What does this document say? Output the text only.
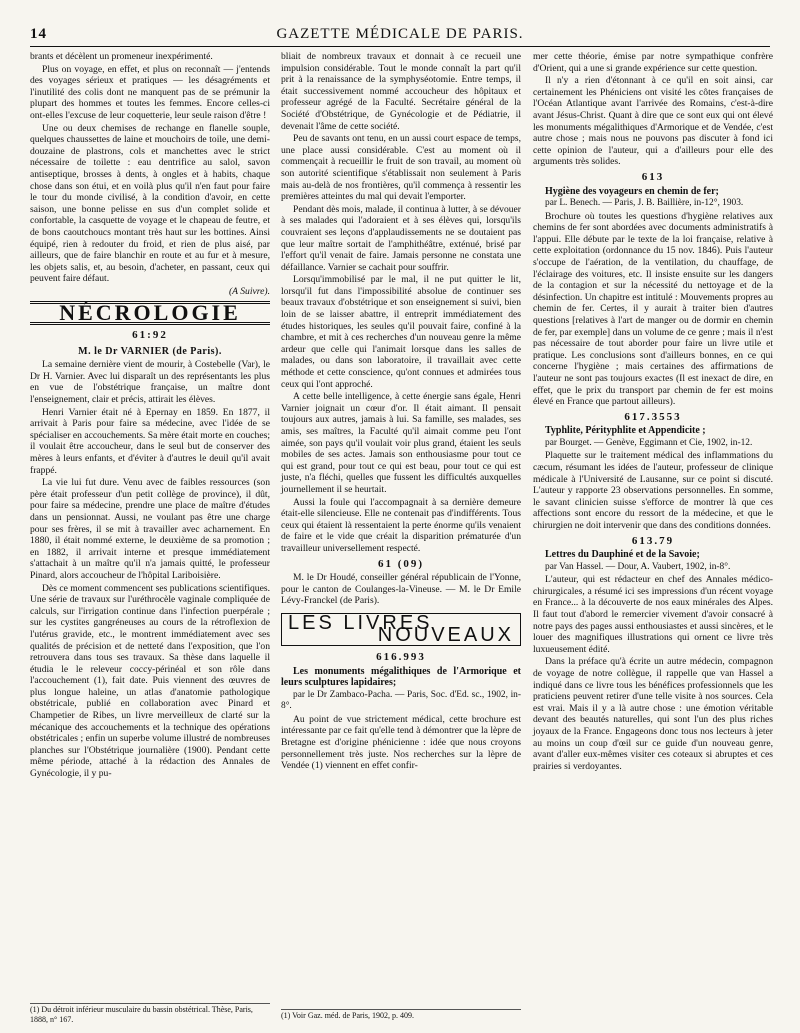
14	GAZETTE MÉDICALE DE PARIS.

brants et décèlent un promeneur inexpérimenté.

Plus on voyage, en effet, et plus on reconnaît — j'entends des voyages sérieux et pratiques — les désagréments et l'inutilité des colis dont ne manquent pas de se prémunir la plupart des hommes et toutes les femmes. Encore celles-ci ont-elles l'excuse de leur coquetterie, leur seule raison d'être !

Une ou deux chemises de rechange en flanelle souple, quelques chaussettes de laine et mouchoirs de toile, une demi-douzaine de plastrons, cols et manchettes avec le strict nécessaire de toilette : eau dentrifice au salol, savon antiseptique, brosses à dents, à ongles et à habits, chaque chose dans son étui, et en voilà plus qu'il n'en faut pour faire le tour du monde civilisé, à la condition d'avoir, en cette saison, une bonne pelisse en sus d'un complet solide et confortable, la casquette de voyage et le chapeau de feutre, et de bons caoutchoucs montant très haut sur les bottines. Ainsi équipé, rien à redouter du froid, et rien de plus aisé, par ailleurs, que de faire blanchir en route et au fur et à mesure, les objets salis, et, au besoin, d'acheter, en passant, ceux qui peuvent faire défaut.

(A Suivre).
NÉCROLOGIE
61:92
M. le Dr VARNIER (de Paris).

La semaine dernière vient de mourir, à Costebelle (Var), le Dr H. Varnier. Avec lui disparaît un des représentants les plus en vue de l'obstétrique française, un maître dont l'enseignement, clair et précis, attirait les élèves.

Henri Varnier était né à Epernay en 1859. En 1877, il arrivait à Paris pour faire sa médecine, avec l'idée de se spécialiser en accouchements. Sa mère était morte en couches; il voulait être accoucheur, dans le seul but de conserver des mères à leurs enfants, et d'éviter à d'autres le deuil qu'il avait frappé.

La vie lui fut dure. Venu avec de faibles ressources (son père était professeur d'un petit collège de province), il dût, pour faire sa médecine, prendre une place de maître d'études dans un pensionnat. Aussi, ne voulant pas être une charge pour ses frères, il se mit à travailler avec acharnement. En 1880, il était nommé externe, le deuxième de sa promotion ; en 1882, il arrivait interne et presque immédiatement s'attachait à un maître qu'il n'a jamais quitté, le professeur Pinard, alors accoucheur de l'hôpital Lariboisière.

Dès ce moment commencent ses publications scientifiques. Une série de travaux sur l'uréthrocèle vaginale compliquée de calculs, sur l'irrigation continue dans l'infection puerpérale ; sur les cystites gangréneuses au cours de la rétroflexion de l'utérus gravide, etc., le montrent immédiatement avec ses qualités de précision et de netteté dans l'exposition, que l'on retrouvera dans tous ses travaux. Sa thèse dans laquelle il étudia le le releveur coccy-périnéal et son rôle dans l'accouchement (1), fait date. Puis viennent des œuvres de plus longue haleine, un atlas d'anatomie pathologique obstétricale, publié en collaboration avec Pinard et Champetier de Ribes, un livre merveilleux de clarté sur la mécanique des accouchements et la technique des opérations obstétricales ; enfin un superbe volume illustré de nombreuses planches sur l'Obstétrique journalière (1900). Pendant cette même période, attaché à la rédaction des Annales de Gynécologie, il y pu-

(1) Du détroit inférieur musculaire du bassin obstétrical. Thèse, Paris, 1888, n° 167.

bliait de nombreux travaux et donnait à ce recueil une impulsion considérable. Tout le monde connaît la part qu'il prit à la renaissance de la symphyséotomie. Entre temps, il était successivement nommé accoucheur des hôpitaux et professeur agrégé de la Faculté. Secrétaire général de la Société d'Obstétrique, de Gynécologie et de Pédiatrie, il devenait l'âme de cette société.

Peu de savants ont tenu, en un aussi court espace de temps, une place aussi considérable. C'est au moment où il commençait à recueillir le fruit de son travail, au moment où son autorité scientifique s'établissait non seulement à Paris mais au-delà de nos frontières, qu'il commença à ressentir les premières atteintes du mal qui devait l'emporter.

Pendant dès mois, malade, il continua à lutter, à se dévouer à ses malades qui l'adoraient et à ses élèves qui, lorsqu'ils couvraient ses leçons d'applaudissements ne se doutaient pas que leur maître sortait de l'amphithéâtre, exténué, brisé par l'effort qu'il venait de faire. Jamais personne ne constata une défaillance. Varnier se cachait pour souffrir.

Lorsqu'immobilisé par le mal, il ne put quitter le lit, lorsqu'il fut dans l'impossibilité absolue de continuer ses beaux travaux d'obstétrique et son enseignement si suivi, bien loin de se laisser abattre, il entreprit immédiatement des études historiques, les seules qu'il pouvait faire, confiné à la chambre, et mit à ces recherches d'un nouveau genre la même ardeur que celle qui l'animait lorsque dans les salles de malades, ou dans son laboratoire, il travaillait avec cette méthode et cette conscience, qu'ont connues et admirées tous ceux qui l'ont approché.

A cette belle intelligence, à cette énergie sans égale, Henri Varnier joignait un cœur d'or. Il était aimant. Il pensait toujours aux autres, jamais à lui. Sa famille, ses malades, ses amis, ses maîtres, la Faculté qu'il aimait comme peu l'ont aimée, son pays qu'il voulait voir plus grand, étaient les seuls mobiles de ses actes. Jamais son enthousiasme pour tout ce qui est grand, pour tout ce qui est beau, pour tout ce qui est juste, n'a fléchi, quelles que fussent les difficultés auxquelles journellement il se heurtait.

Aussi la foule qui l'accompagnait à sa dernière demeure était-elle silencieuse. Elle ne contenait pas d'indifférents. Tous ceux qui étaient là ressentaient la perte énorme qu'ils venaient de faire et le vide que créait la disparition prématurée d'un travailleur universellement respecté.

61 (09)

M. le Dr Houdé, conseiller général républicain de l'Yonne, pour le canton de Coulanges-la-Vineuse. — M. le Dr Emile Lévy-Franckel (de Paris).

LES LIVRES
NOUVEAUX
616.993

Les monuments mégalithiques de l'Armorique et leurs sculptures lapidaires;

par le Dr Zambaco-Pacha. — Paris, Soc. d'Ed. sc., 1902, in-8°.

Au point de vue strictement médical, cette brochure est intéressante par ce fait qu'elle tend à démontrer que la lèpre de Bretagne est d'origine phénicienne : idée que nous croyons personnellement très juste. Nos recherches sur la lèpre de Vendée (1) viennent en effet confir-

(1) Voir Gaz. méd. de Paris, 1902, p. 409.

mer cette théorie, émise par notre sympathique confrère d'Orient, qui a une si grande expérience sur cette question.

Il n'y a rien d'étonnant à ce qu'il en soit ainsi, car certainement les Phéniciens ont visité les côtes françaises de l'Océan Atlantique avant l'arrivée des Romains, c'est-à-dire avant Jésus-Christ. Quant à dire que ce sont eux qui ont élevé les monuments mégalithiques d'Armorique et de Vendée, c'est autre chose ; mais nous ne pouvons pas discuter à fond ici cette opinion de l'auteur, qui a d'ailleurs pour elle des arguments très solides.

613

Hygiène des voyageurs en chemin de fer;

par L. Benech. — Paris, J. B. Baillière, in-12°, 1903.

Brochure où toutes les questions d'hygiène relatives aux chemins de fer sont abordées avec documents administratifs à l'appui. Elle débute par le texte de la loi française, relative à cette exploitation (ordonnance du 15 nov. 1846). Puis l'auteur s'occupe de l'aération, de la ventilation, du chauffage, de l'éclairage des voitures, etc. Il insiste ensuite sur les dangers de la contagion et sur la nécessité du nettoyage et de la désinfection. Un chapitre est intitulé : Mouvements propres au chemin de fer. Certes, il y aurait à traiter bien d'autres questions [relatives à l'art de manger ou de dormir en chemin de fer, par exemple] dans un volume de ce genre ; mais il n'est pas nécessaire de tout aborder pour faire un livre utile et pratique. Les conclusions sont d'ailleurs bonnes, en ce qui concerne l'hygiène ; mais certaines des affirmations de l'auteur ne sont pas toujours exactes (Il est inexact de dire, en effet, que le prix du transport par chemin de fer est moins élevé en France que partout ailleurs).

617.3553

Typhlite, Pérityphlite et Appendicite ;

par Bourget. — Genève, Eggimann et Cie, 1902, in-12.

Plaquette sur le traitement médical des inflammations du cæcum, résumant les idées de l'auteur, professeur de clinique médicale à l'Université de Lausanne, sur ce point si discuté. L'auteur y rapporte 23 observations personnelles. En somme, le savant clinicien suisse s'efforce de montrer là que ces affections sont encore du ressort de la médecine, et que le chirurgien ne doit intervenir que dans des conditions données.

613.79

Lettres du Dauphiné et de la Savoie;

par Van Hassel. — Dour, A. Vaubert, 1902, in-8°.

L'auteur, qui est rédacteur en chef des Annales médico-chirurgicales, a résumé ici ses impressions d'un récent voyage en France... à la découverte de nos eaux minérales des Alpes. Il faut tout d'abord le remercier vivement d'avoir consacré à notre pays des pages aussi enthousiastes et aussi sincères, et le louer des magnifiques illustrations qui ornent ce livre très luxueusement édité.

Dans la préface qu'à écrite un autre médecin, compagnon de voyage de notre collègue, il rappelle que van Hassel a indiqué dans ce livre tous les bénéfices professionnels que les praticiens peuvent retirer d'une telle visite à nos sources. Cela est vrai. Mais il y a là autre chose : une émotion véritable devant des beautés naturelles, qui sont l'un des plus riches joyaux de la France. Engageons donc tous nos lecteurs à jeter au moins un coup d'œil sur ce guide d'un nouveau genre, avant d'aller eux-mêmes visiter ces coteaux si abruptes et ces prairies si verdoyantes.
